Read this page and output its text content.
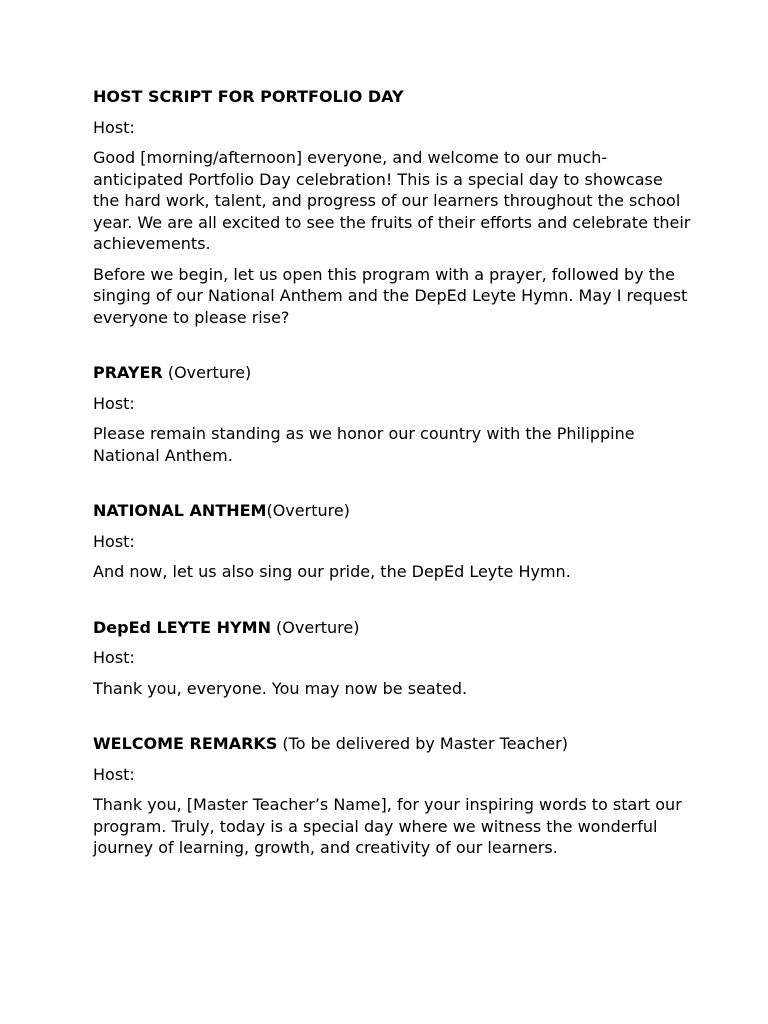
HOST SCRIPT FOR PORTFOLIO DAY
Host:
Good [morning/afternoon] everyone, and welcome to our much-anticipated Portfolio Day celebration! This is a special day to showcase the hard work, talent, and progress of our learners throughout the school year. We are all excited to see the fruits of their efforts and celebrate their achievements.
Before we begin, let us open this program with a prayer, followed by the singing of our National Anthem and the DepEd Leyte Hymn. May I request everyone to please rise?
PRAYER (Overture)
Host:
Please remain standing as we honor our country with the Philippine National Anthem.
NATIONAL ANTHEM(Overture)
Host:
And now, let us also sing our pride, the DepEd Leyte Hymn.
DepEd LEYTE HYMN (Overture)
Host:
Thank you, everyone. You may now be seated.
WELCOME REMARKS (To be delivered by Master Teacher)
Host:
Thank you, [Master Teacher’s Name], for your inspiring words to start our program. Truly, today is a special day where we witness the wonderful journey of learning, growth, and creativity of our learners.
